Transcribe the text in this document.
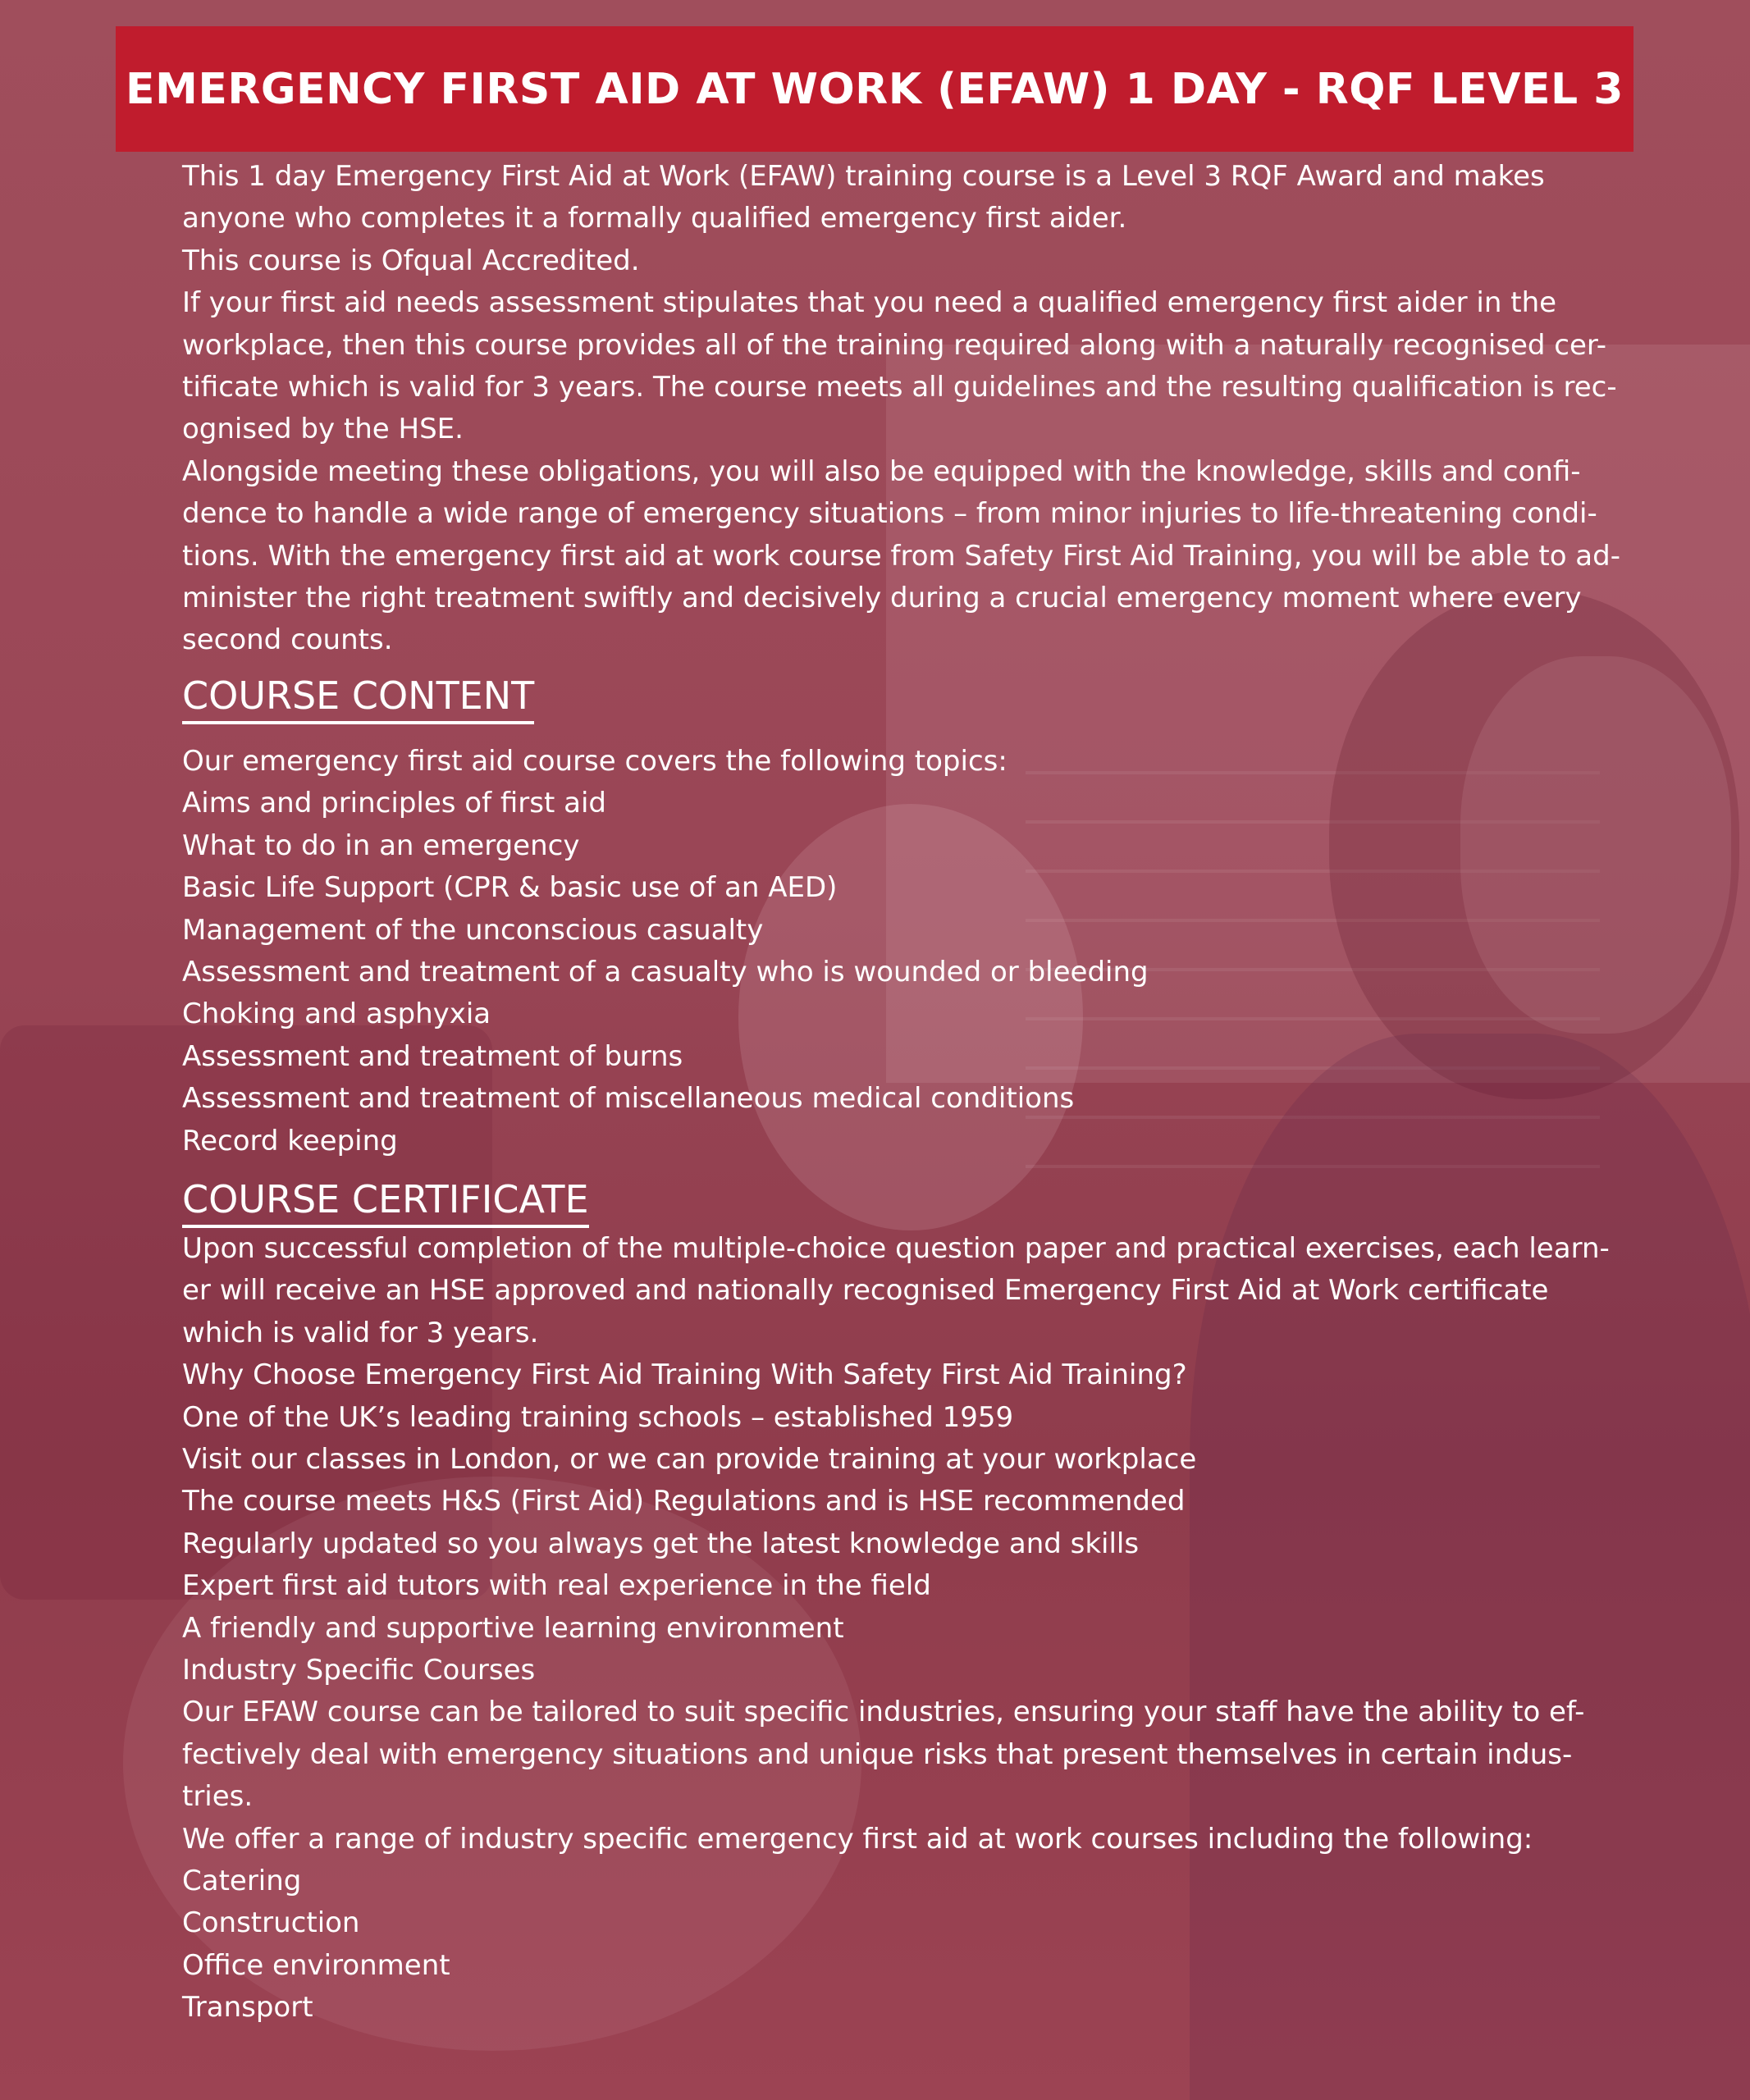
EMERGENCY FIRST AID AT WORK (EFAW) 1 DAY - RQF LEVEL 3
This 1 day Emergency First Aid at Work (EFAW) training course is a Level 3 RQF Award and makes
anyone who completes it a formally qualified emergency first aider.
This course is Ofqual Accredited.
If your first aid needs assessment stipulates that you need a qualified emergency first aider in the
workplace, then this course provides all of the training required along with a naturally recognised cer-
tificate which is valid for 3 years. The course meets all guidelines and the resulting qualification is rec-
ognised by the HSE.
Alongside meeting these obligations, you will also be equipped with the knowledge, skills and confi-
dence to handle a wide range of emergency situations – from minor injuries to life-threatening condi-
tions. With the emergency first aid at work course from Safety First Aid Training, you will be able to ad-
minister the right treatment swiftly and decisively during a crucial emergency moment where every
second counts.
COURSE CONTENT
Our emergency first aid course covers the following topics:
Aims and principles of first aid
What to do in an emergency
Basic Life Support (CPR & basic use of an AED)
Management of the unconscious casualty
Assessment and treatment of a casualty who is wounded or bleeding
Choking and asphyxia
Assessment and treatment of burns
Assessment and treatment of miscellaneous medical conditions
Record keeping
COURSE CERTIFICATE
Upon successful completion of the multiple-choice question paper and practical exercises, each learn-
er will receive an HSE approved and nationally recognised Emergency First Aid at Work certificate
which is valid for 3 years.
Why Choose Emergency First Aid Training With Safety First Aid Training?
One of the UK’s leading training schools – established 1959
Visit our classes in London, or we can provide training at your workplace
The course meets H&S (First Aid) Regulations and is HSE recommended
Regularly updated so you always get the latest knowledge and skills
Expert first aid tutors with real experience in the field
A friendly and supportive learning environment
Industry Specific Courses
Our EFAW course can be tailored to suit specific industries, ensuring your staff have the ability to ef-
fectively deal with emergency situations and unique risks that present themselves in certain indus-
tries.
We offer a range of industry specific emergency first aid at work courses including the following:
Catering
Construction
Office environment
Transport
